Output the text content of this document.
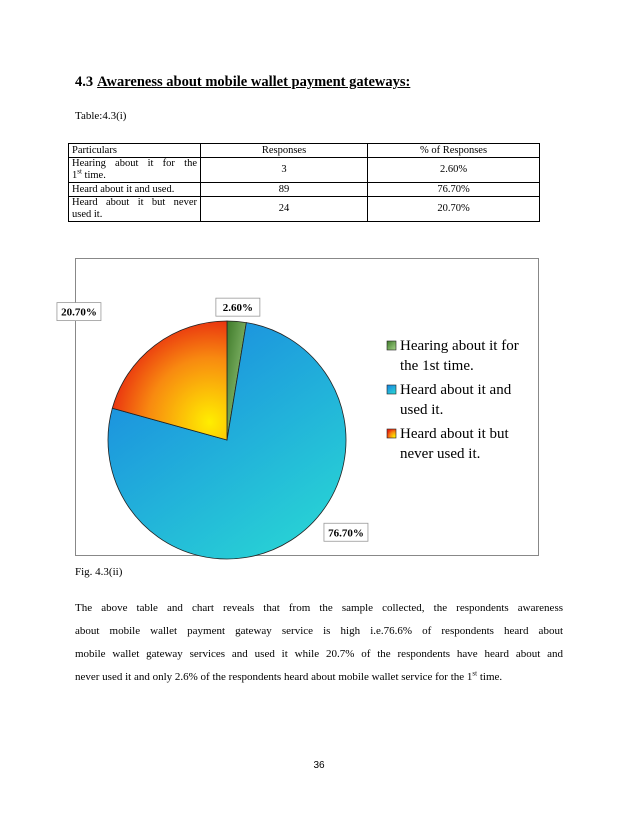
4.3 Awareness about mobile wallet payment gateways:
Table:4.3(i)
Particulars	Responses	% of Responses

Hearing about it for the
1st time.	3	2.60%
Heard about it and used.	89	76.70%

Heard about it but never
used it.	24	20.70%
2.60%
76.70%
20.70%
Hearing about it for
the 1st time.
Heard about it and
used it.
Heard about it but
never used it.
Fig. 4.3(ii)
The above table and chart reveals that from the sample collected, the respondents awareness
about mobile wallet payment gateway service is high i.e.76.6% of respondents heard about
mobile wallet gateway services and used it while 20.7% of the respondents have heard about and
never used it and only 2.6% of the respondents heard about mobile wallet service for the 1st time.
36
